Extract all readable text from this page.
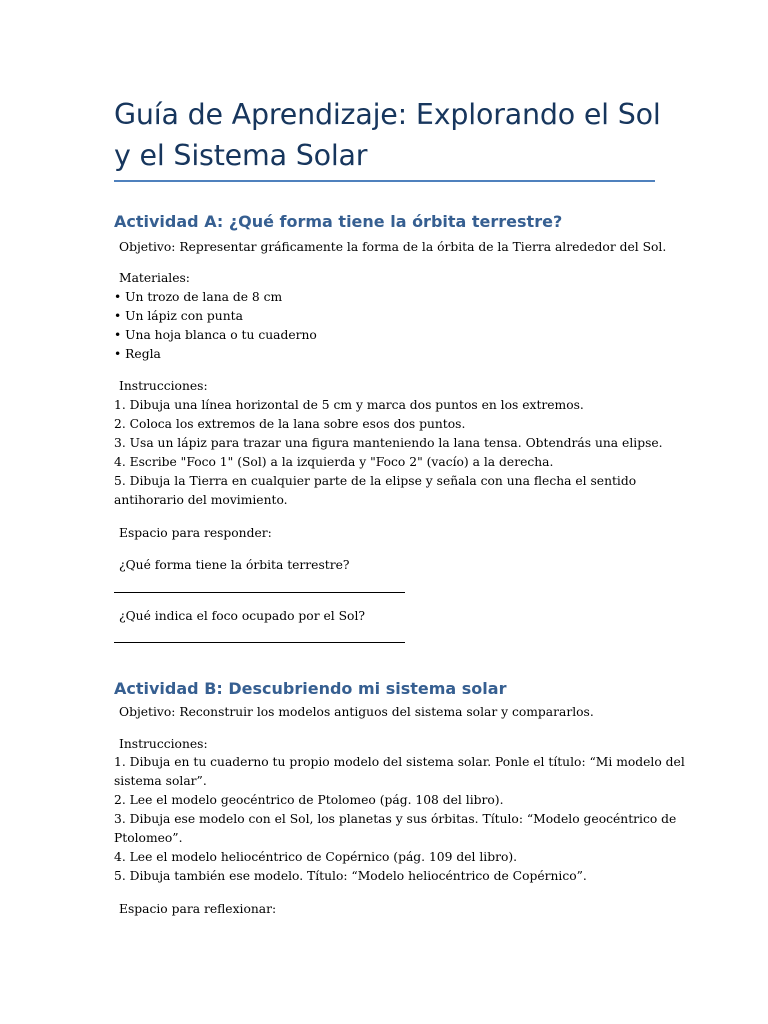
Guía de Aprendizaje: Explorando el Sol
y el Sistema Solar
Actividad A: ¿Qué forma tiene la órbita terrestre?
Objetivo: Representar gráficamente la forma de la órbita de la Tierra alrededor del Sol.
Materiales:
• Un trozo de lana de 8 cm
• Un lápiz con punta
• Una hoja blanca o tu cuaderno
• Regla
Instrucciones:
1. Dibuja una línea horizontal de 5 cm y marca dos puntos en los extremos.
2. Coloca los extremos de la lana sobre esos dos puntos.
3. Usa un lápiz para trazar una figura manteniendo la lana tensa. Obtendrás una elipse.
4. Escribe "Foco 1" (Sol) a la izquierda y "Foco 2" (vacío) a la derecha.
5. Dibuja la Tierra en cualquier parte de la elipse y señala con una flecha el sentido
antihorario del movimiento.
Espacio para responder:
¿Qué forma tiene la órbita terrestre?
¿Qué indica el foco ocupado por el Sol?
Actividad B: Descubriendo mi sistema solar
Objetivo: Reconstruir los modelos antiguos del sistema solar y compararlos.
Instrucciones:
1. Dibuja en tu cuaderno tu propio modelo del sistema solar. Ponle el título: “Mi modelo del
sistema solar”.
2. Lee el modelo geocéntrico de Ptolomeo (pág. 108 del libro).
3. Dibuja ese modelo con el Sol, los planetas y sus órbitas. Título: “Modelo geocéntrico de
Ptolomeo”.
4. Lee el modelo heliocéntrico de Copérnico (pág. 109 del libro).
5. Dibuja también ese modelo. Título: “Modelo heliocéntrico de Copérnico”.
Espacio para reflexionar:
